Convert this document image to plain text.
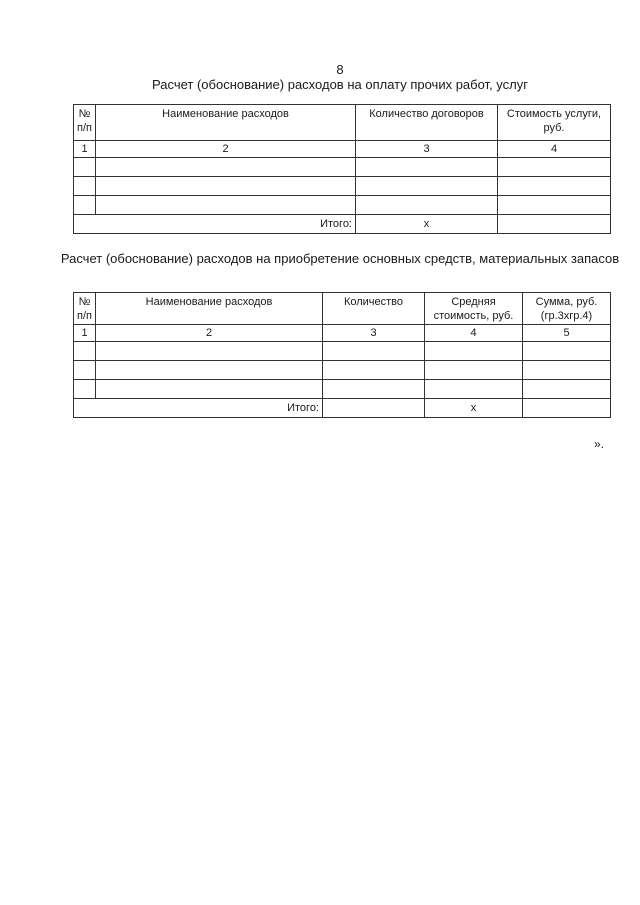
8
Расчет (обоснование) расходов на оплату прочих работ, услуг
№ п/п	Наименование расходов	Количество договоров	Стоимость услуги, руб.
1	2	3	4

Итого:		x	
Расчет (обоснование) расходов на приобретение основных средств, материальных запасов
№ п/п	Наименование расходов	Количество	Средняя стоимость, руб.	Сумма, руб. (гр.3хгр.4)
1	2	3	4	5

Итого:			x	
».
